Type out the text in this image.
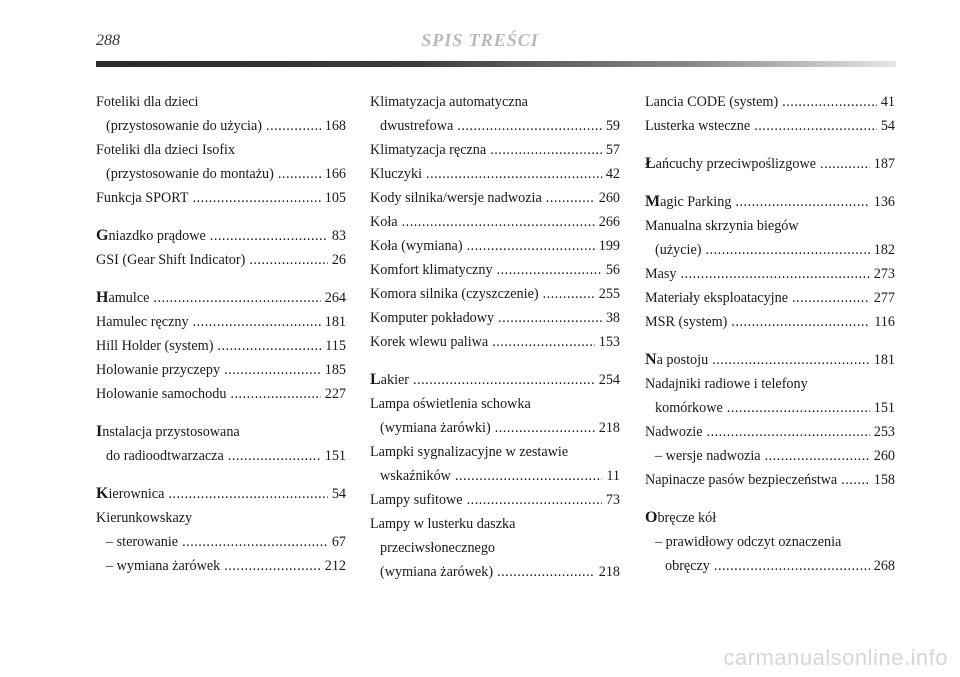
288	SPIS TREŚCI
Foteliki dla dzieci
(przystosowanie do użycia) .....	168
Foteliki dla dzieci Isofix
(przystosowanie do montażu) .....	166
Funkcja SPORT .....	105
Gniazdko prądowe .....	83
GSI (Gear Shift Indicator) .....	26
Hamulce .....	264
Hamulec ręczny .....	181
Hill Holder (system) .....	115
Holowanie przyczepy .....	185
Holowanie samochodu .....	227
Instalacja przystosowana
do radioodtwarzacza .....	151
Kierownica .....	54
Kierunkowskazy
– sterowanie .....	67
– wymiana żarówek .....	212
Klimatyzacja automatyczna
dwustrefowa .....	59
Klimatyzacja ręczna .....	57
Kluczyki .....	42
Kody silnika/wersje nadwozia .....	260
Koła .....	266
Koła (wymiana) .....	199
Komfort klimatyczny .....	56
Komora silnika (czyszczenie) .....	255
Komputer pokładowy .....	38
Korek wlewu paliwa .....	153
Lakier .....	254
Lampa oświetlenia schowka
(wymiana żarówki) .....	218
Lampki sygnalizacyjne w zestawie
wskaźników .....	11
Lampy sufitowe .....	73
Lampy w lusterku daszka
przeciwsłonecznego
(wymiana żarówek) .....	218
Lancia CODE (system) .....	41
Lusterka wsteczne .....	54
Łańcuchy przeciwpoślizgowe .....	187
Magic Parking .....	136
Manualna skrzynia biegów
(użycie) .....	182
Masy .....	273
Materiały eksploatacyjne .....	277
MSR (system) .....	116
Na postoju .....	181
Nadajniki radiowe i telefony
komórkowe .....	151
Nadwozie .....	253
– wersje nadwozia .....	260
Napinacze pasów bezpieczeństwa .....	158
Obręcze kół
– prawidłowy odczyt oznaczenia
obręczy .....	268
carmanualsonline.info
